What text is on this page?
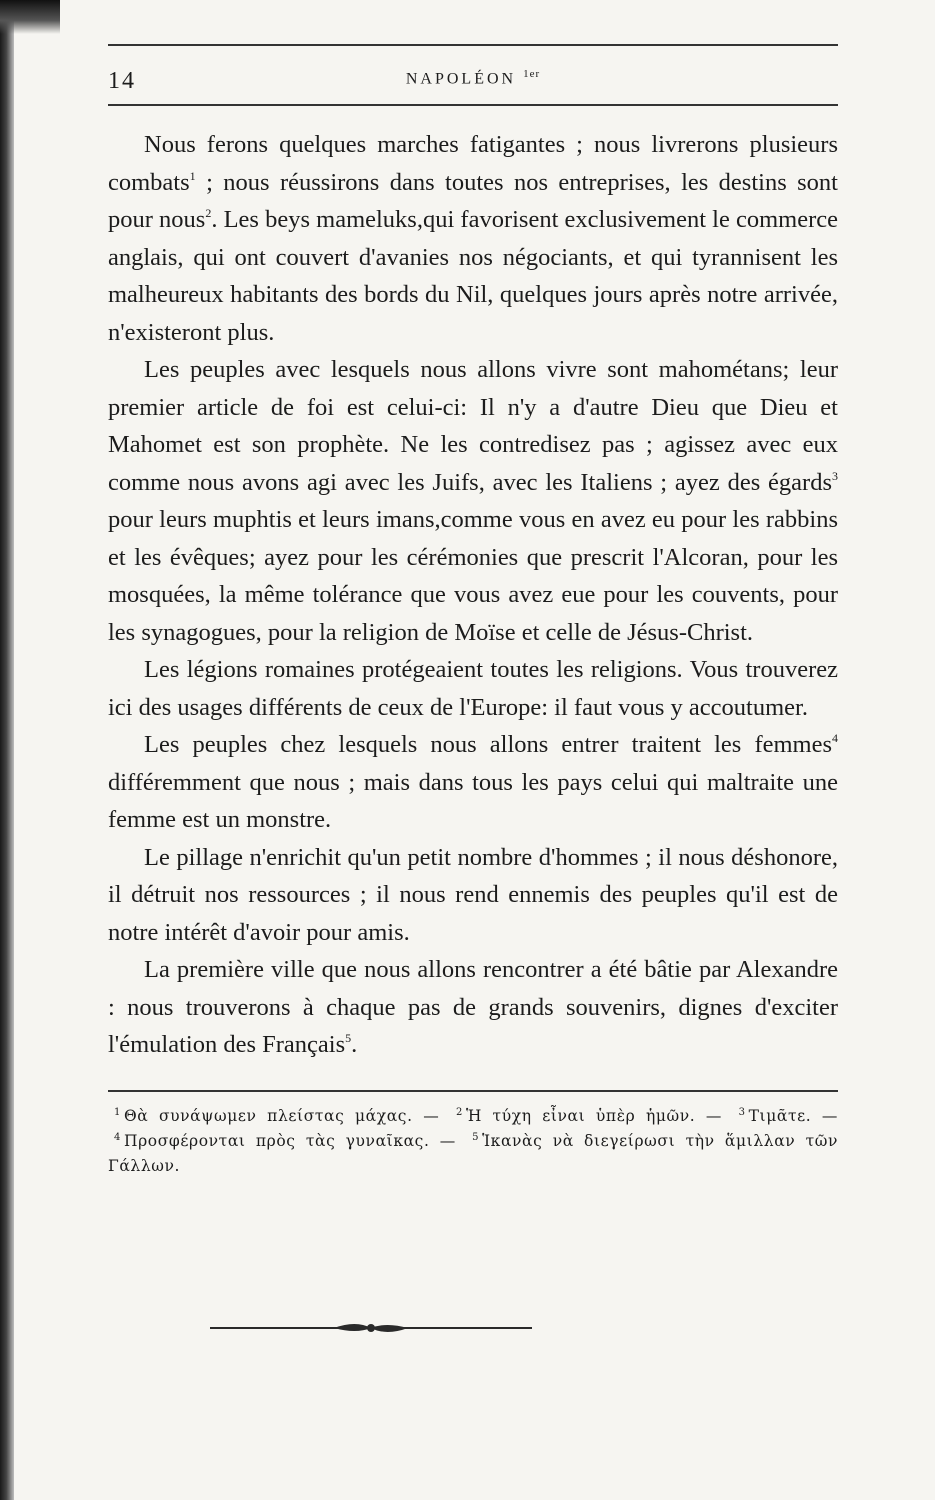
14	NAPOLÉON $^{1er}$

Nous ferons quelques marches fatigantes ; nous livrerons plusieurs combats$^1$ ; nous réussirons dans toutes nos entreprises, les destins sont pour nous$^2$. Les beys mameluks,qui favorisent exclusivement le commerce anglais, qui ont couvert d'avanies nos négociants, et qui tyrannisent les malheureux habitants des bords du Nil, quelques jours après notre arrivée, n'existeront plus.

Les peuples avec lesquels nous allons vivre sont mahométans; leur premier article de foi est celui-ci: Il n'y a d'autre Dieu que Dieu et Mahomet est son prophète. Ne les contredisez pas ; agissez avec eux comme nous avons agi avec les Juifs, avec les Italiens ; ayez des égards$^3$ pour leurs muphtis et leurs imans,comme vous en avez eu pour les rabbins et les évêques; ayez pour les cérémonies que prescrit l'Alcoran, pour les mosquées, la même tolérance que vous avez eue pour les couvents, pour les synagogues, pour la religion de Moïse et celle de Jésus-Christ.

Les légions romaines protégeaient toutes les religions. Vous trouverez ici des usages différents de ceux de l'Europe: il faut vous y accoutumer.

Les peuples chez lesquels nous allons entrer traitent les femmes$^4$ différemment que nous ; mais dans tous les pays celui qui maltraite une femme est un monstre.

Le pillage n'enrichit qu'un petit nombre d'hommes ; il nous déshonore, il détruit nos ressources ; il nous rend ennemis des peuples qu'il est de notre intérêt d'avoir pour amis.

La première ville que nous allons rencontrer a été bâtie par Alexandre : nous trouverons à chaque pas de grands souvenirs, dignes d'exciter l'émulation des Français$^5$.

$^1$ Θὰ συνάψωμεν πλείστας μάχας. — $^2$ Ἡ τύχη εἶναι ὑπὲρ ἡμῶν. — $^3$ Τιμᾶτε. — $^4$ Προσφέρονται πρὸς τὰς γυναῖκας. — $^5$ Ἱκανὰς νὰ διεγείρωσι τὴν ἅμιλλαν τῶν Γάλλων.
